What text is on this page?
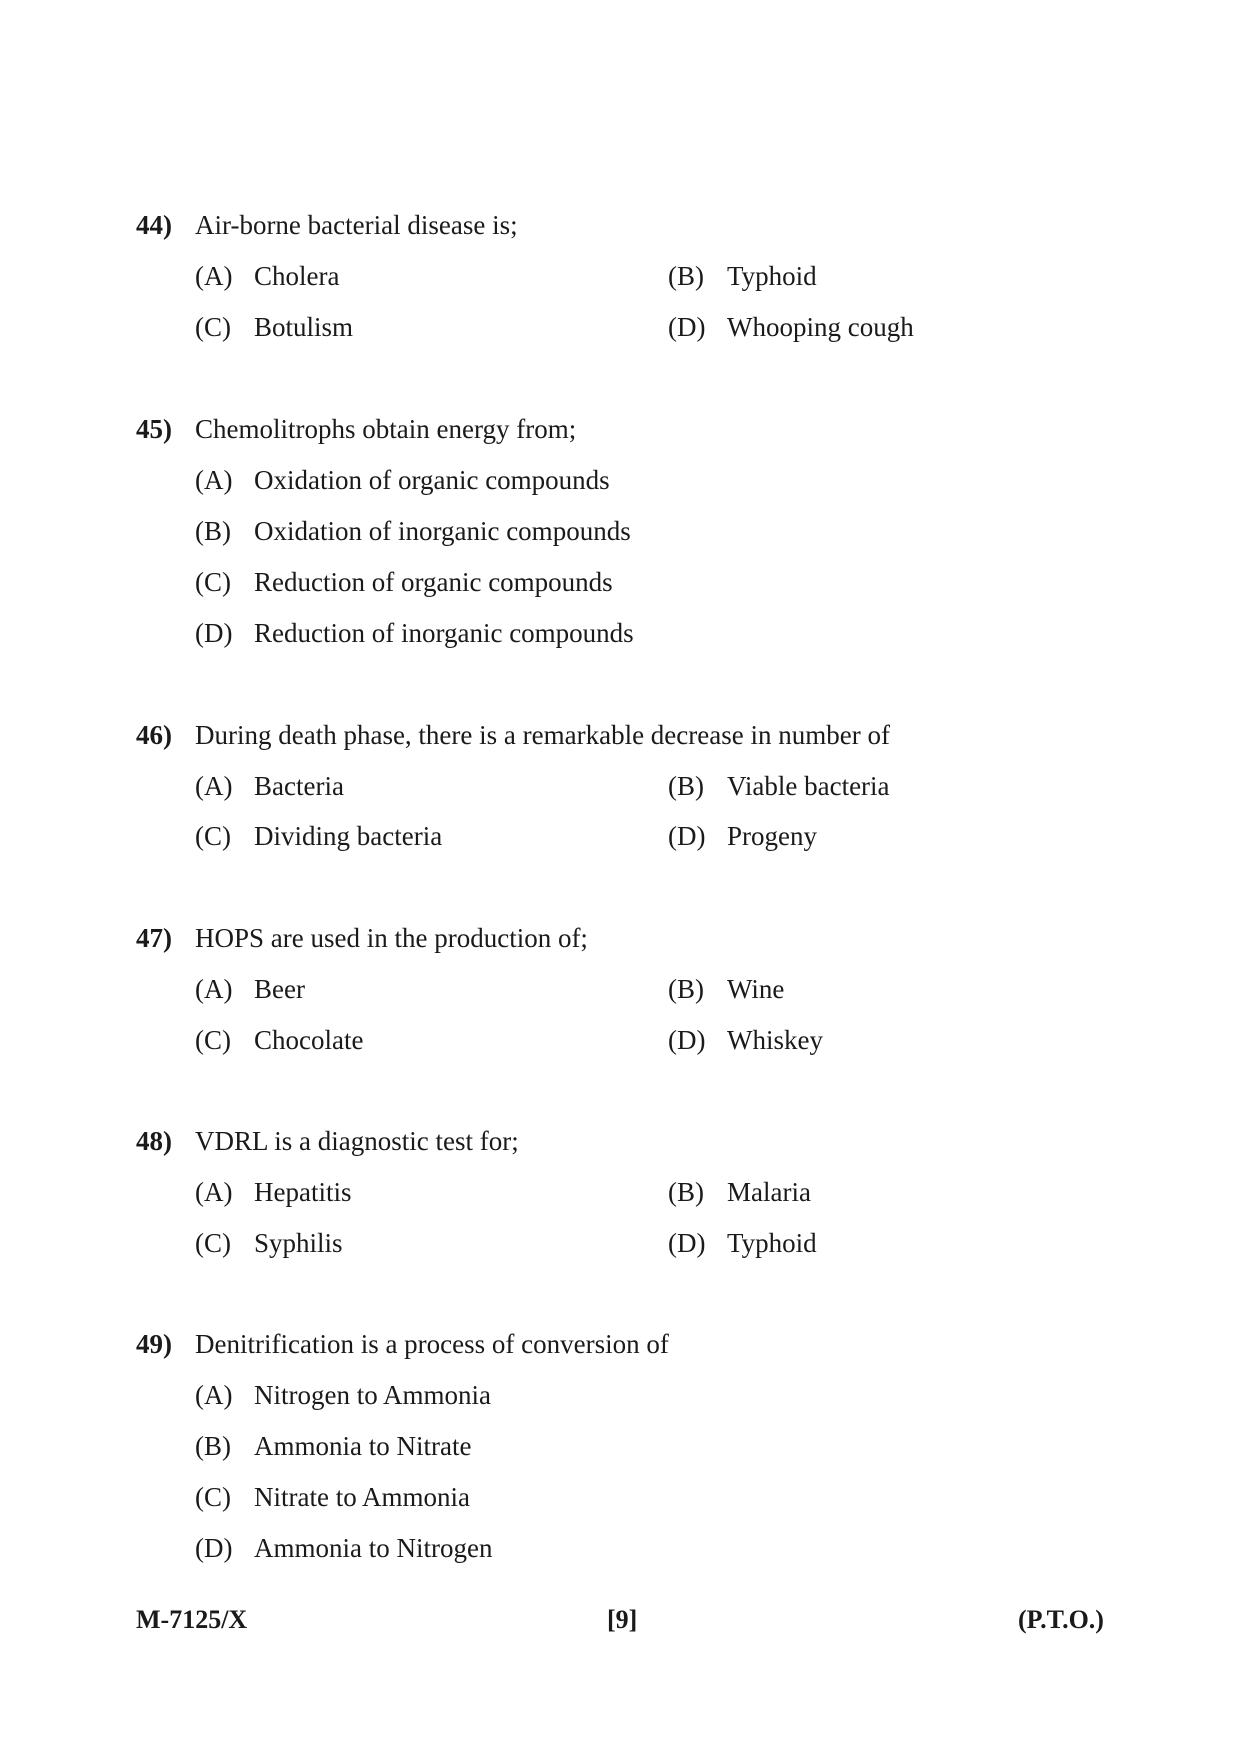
44) Air-borne bacterial disease is;
(A) Cholera	(B) Typhoid
(C) Botulism	(D) Whooping cough
45) Chemolitrophs obtain energy from;
(A) Oxidation of organic compounds
(B) Oxidation of inorganic compounds
(C) Reduction of organic compounds
(D) Reduction of inorganic compounds
46) During death phase, there is a remarkable decrease in number of
(A) Bacteria	(B) Viable bacteria
(C) Dividing bacteria	(D) Progeny
47) HOPS are used in the production of;
(A) Beer	(B) Wine
(C) Chocolate	(D) Whiskey
48) VDRL is a diagnostic test for;
(A) Hepatitis	(B) Malaria
(C) Syphilis	(D) Typhoid
49) Denitrification is a process of conversion of
(A) Nitrogen to Ammonia
(B) Ammonia to Nitrate
(C) Nitrate to Ammonia
(D) Ammonia to Nitrogen
M-7125/X	[9]	(P.T.O.)
